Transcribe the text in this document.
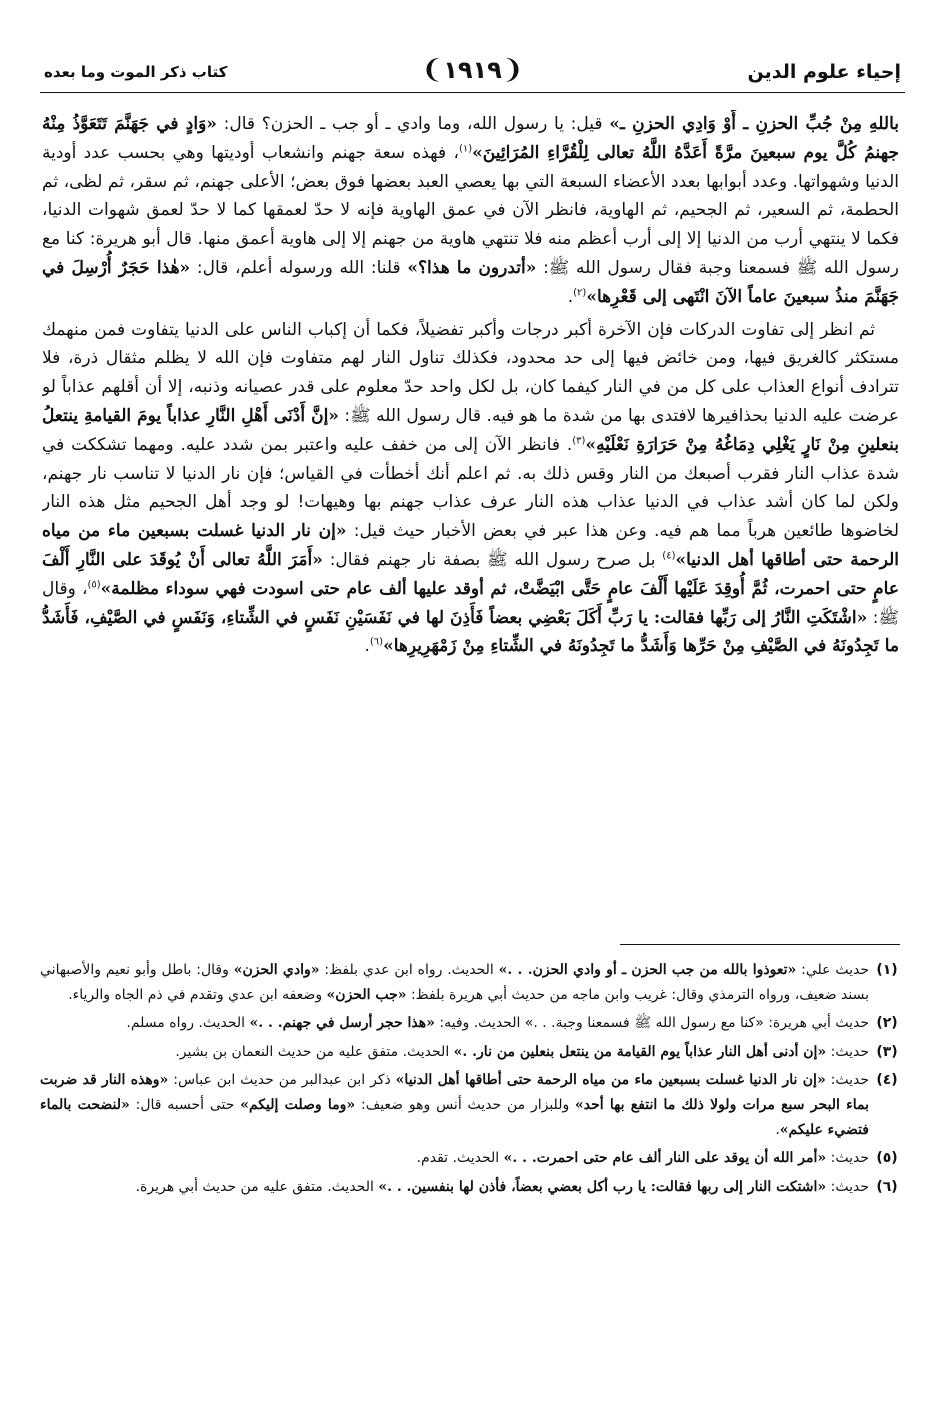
إحياء علوم الدين
❨١٩١٩❩
كتاب ذكر الموت وما بعده

باللهِ مِنْ جُبِّ الحزنِ ـ أَوْ وَادِي الحزنِ ـ» قيل: يا رسول الله، وما وادي ـ أو جب ـ الحزن؟ قال: «وَادٍ في جَهَنَّمَ تَتَعَوَّذُ مِنْهُ جهنمُ كُلَّ يوم سبعينَ مرَّةً أَعَدَّهُ اللَّهُ تعالى لِلْقُرَّاءِ المُرَائِينَ»$^{(١)}$، فهذه سعة جهنم وانشعاب أوديتها وهي بحسب عدد أودية الدنيا وشهواتها. وعدد أبوابها بعدد الأعضاء السبعة التي بها يعصي العبد بعضها فوق بعض؛ الأعلى جهنم، ثم سقر، ثم لظى، ثم الحطمة، ثم السعير، ثم الجحيم، ثم الهاوية، فانظر الآن في عمق الهاوية فإنه لا حدّ لعمقها كما لا حدّ لعمق شهوات الدنيا، فكما لا ينتهي أرب من الدنيا إلا إلى أرب أعظم منه فلا تنتهي هاوية من جهنم إلا إلى هاوية أعمق منها. قال أبو هريرة: كنا مع رسول الله ﷺ فسمعنا وجبة فقال رسول الله ﷺ: «أتدرون ما هذا؟» قلنا: الله ورسوله أعلم، قال: «هٰذا حَجَرٌ أُرْسِلَ في جَهَنَّمَ منذُ سبعينَ عاماً الآنَ انْتَهى إلى قَعْرِها»$^{(٢)}$.

ثم انظر إلى تفاوت الدركات فإن الآخرة أكبر درجات وأكبر تفضيلاً، فكما أن إكباب الناس على الدنيا يتفاوت فمن منهمك مستكثر كالغريق فيها، ومن خائض فيها إلى حد محدود، فكذلك تناول النار لهم متفاوت فإن الله لا يظلم مثقال ذرة، فلا تترادف أنواع العذاب على كل من في النار كيفما كان، بل لكل واحد حدّ معلوم على قدر عصيانه وذنبه، إلا أن أقلهم عذاباً لو عرضت عليه الدنيا بحذافيرها لافتدى بها من شدة ما هو فيه. قال رسول الله ﷺ: «إنَّ أَدْنَى أَهْلِ النَّارِ عذاباً يومَ القيامةِ ينتعلُ بنعلينِ مِنْ نَارٍ يَغْلِي دِمَاغُهُ مِنْ حَرَارَةِ نَعْلَيْهِ»$^{(٣)}$. فانظر الآن إلى من خفف عليه واعتبر بمن شدد عليه. ومهما تشككت في شدة عذاب النار فقرب أصبعك من النار وقس ذلك به. ثم اعلم أنك أخطأت في القياس؛ فإن نار الدنيا لا تناسب نار جهنم، ولكن لما كان أشد عذاب في الدنيا عذاب هذه النار عرف عذاب جهنم بها وهيهات! لو وجد أهل الجحيم مثل هذه النار لخاضوها طائعين هرباً مما هم فيه. وعن هذا عبر في بعض الأخبار حيث قيل: «إن نار الدنيا غسلت بسبعين ماء من مياه الرحمة حتى أطاقها أهل الدنيا»$^{(٤)}$ بل صرح رسول الله ﷺ بصفة نار جهنم فقال: «أَمَرَ اللَّهُ تعالى أَنْ يُوقَدَ على النَّارِ أَلْفَ عامٍ حتى احمرت، ثُمَّ أُوقِدَ عَلَيْها أَلْفَ عامٍ حَتَّى ابْيَضَّتْ، ثم أوقد عليها ألف عام حتى اسودت فهي سوداء مظلمة»$^{(٥)}$، وقال ﷺ: «اشْتَكَتِ النَّارُ إلى رَبِّها فقالت: يا رَبِّ أَكَلَ بَعْضِي بعضاً فَأَذِنَ لها في نَفَسَيْنِ نَفَسٍ في الشِّتاءِ، وَنَفَسٍ في الصَّيْفِ، فَأَشَدُّ ما تَجِدُونَهُ في الصَّيْفِ مِنْ حَرِّها وَأَشَدُّ ما تَجِدُونَهُ في الشِّتاءِ مِنْ زَمْهَرِيرِها»$^{(٦)}$.

(١)
حديث علي: «تعوذوا بالله من جب الحزن ـ أو وادي الحزن. . .» الحديث. رواه ابن عدي بلفظ: «وادي الحزن» وقال: باطل وأبو نعيم والأصبهاني بسند ضعيف، ورواه الترمذي وقال: غريب وابن ماجه من حديث أبي هريرة بلفظ: «جب الحزن» وضعفه ابن عدي وتقدم في ذم الجاه والرياء.
(٢)
حديث أبي هريرة: «كنا مع رسول الله ﷺ فسمعنا وجبة. . .» الحديث. وفيه: «هذا حجر أرسل في جهنم. . .» الحديث. رواه مسلم.
(٣)
حديث: «إن أدنى أهل النار عذاباً يوم القيامة من ينتعل بنعلين من نار. .» الحديث. متفق عليه من حديث النعمان بن بشير.
(٤)
حديث: «إن نار الدنيا غسلت بسبعين ماء من مياه الرحمة حتى أطاقها أهل الدنيا» ذكر ابن عبدالبر من حديث ابن عباس: «وهذه النار قد ضربت بماء البحر سبع مرات ولولا ذلك ما انتفع بها أحد» وللبزار من حديث أنس وهو ضعيف: «وما وصلت إليكم» حتى أحسبه قال: «لنضحت بالماء فتضيء عليكم».
(٥)
حديث: «أمر الله أن يوقد على النار ألف عام حتى احمرت. . .» الحديث. تقدم.
(٦)
حديث: «اشتكت النار إلى ربها فقالت: يا رب أكل بعضي بعضاً، فأذن لها بنفسين. . .» الحديث. متفق عليه من حديث أبي هريرة.
